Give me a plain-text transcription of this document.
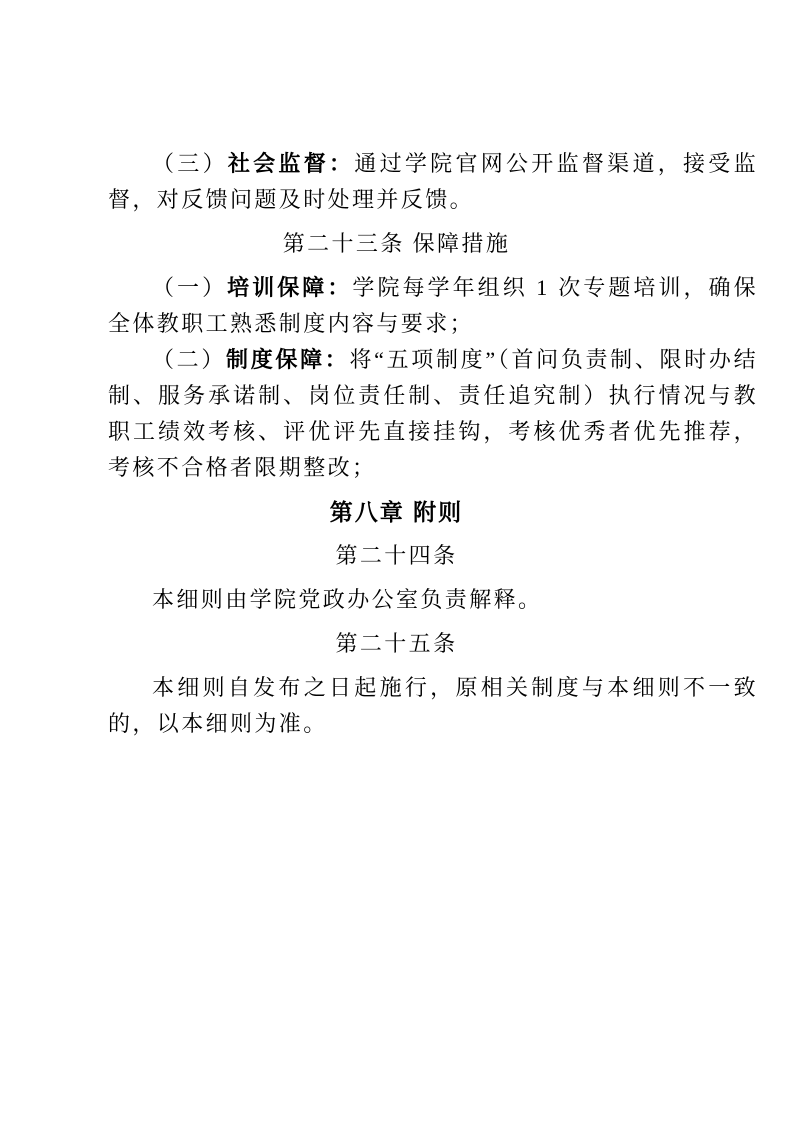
（三）社会监督：通过学院官网公开监督渠道，接受监督，对反馈问题及时处理并反馈。

第二十三条 保障措施

（一）培训保障：学院每学年组织 1 次专题培训，确保全体教职工熟悉制度内容与要求；

（二）制度保障：将“五项制度”（首问负责制、限时办结制、服务承诺制、岗位责任制、责任追究制）执行情况与教职工绩效考核、评优评先直接挂钩，考核优秀者优先推荐，考核不合格者限期整改；

第八章 附则
第二十四条

本细则由学院党政办公室负责解释。

第二十五条

本细则自发布之日起施行，原相关制度与本细则不一致的，以本细则为准。
